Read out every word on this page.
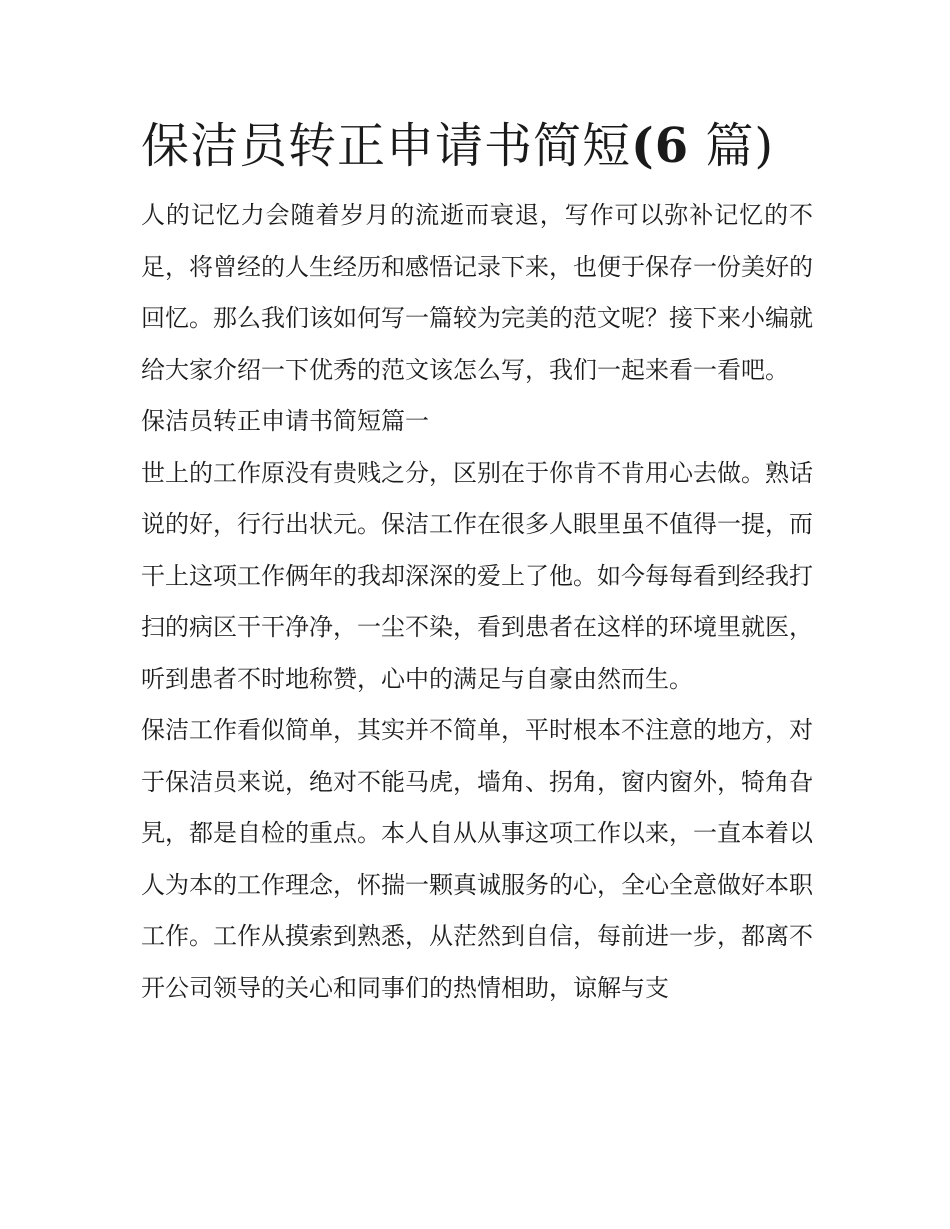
保洁员转正申请书简短(6 篇)

人的记忆力会随着岁月的流逝而衰退，写作可以弥补记忆的不足，将曾经的人生经历和感悟记录下来，也便于保存一份美好的回忆。那么我们该如何写一篇较为完美的范文呢？接下来小编就给大家介绍一下优秀的范文该怎么写，我们一起来看一看吧。

保洁员转正申请书简短篇一

世上的工作原没有贵贱之分，区别在于你肯不肯用心去做。熟话说的好，行行出状元。保洁工作在很多人眼里虽不值得一提，而干上这项工作俩年的我却深深的爱上了他。如今每每看到经我打扫的病区干干净净，一尘不染，看到患者在这样的环境里就医，听到患者不时地称赞，心中的满足与自豪由然而生。

保洁工作看似简单，其实并不简单，平时根本不注意的地方，对于保洁员来说，绝对不能马虎，墙角、拐角，窗内窗外，犄角旮旯，都是自检的重点。本人自从从事这项工作以来，一直本着以人为本的工作理念，怀揣一颗真诚服务的心，全心全意做好本职工作。工作从摸索到熟悉，从茫然到自信，每前进一步，都离不开公司领导的关心和同事们的热情相助，谅解与支
